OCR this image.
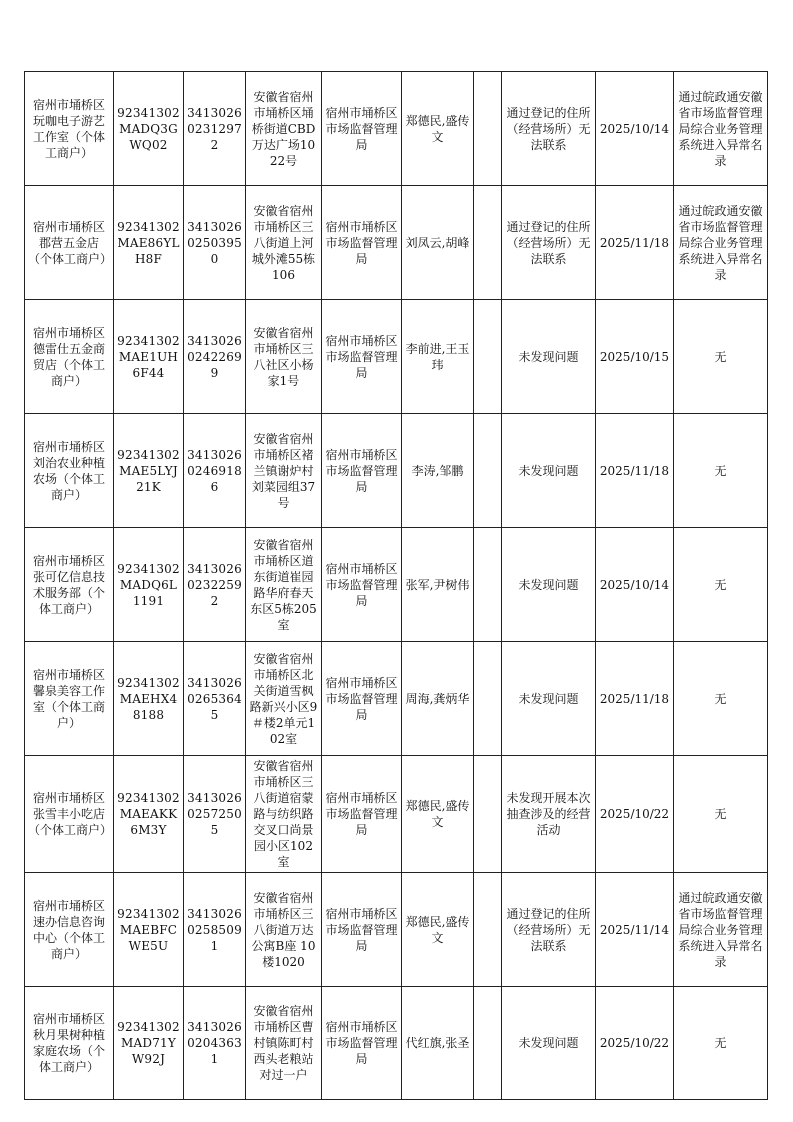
宿州市埇桥区玩咖电子游艺工作室（个体工商户）	92341302MADQ3GWQ02	341302602312972	安徽省宿州市埇桥区埇桥街道CBD万达广场1022号	宿州市埇桥区市场监督管理局	郑德民,盛传文		通过登记的住所（经营场所）无法联系	2025/10/14	通过皖政通安徽省市场监督管理局综合业务管理系统进入异常名录
宿州市埇桥区郡营五金店（个体工商户）	92341302MAE86YLH8F	341302602503950	安徽省宿州市埇桥区三八街道上河城外滩55栋106	宿州市埇桥区市场监督管理局	刘凤云,胡峰		通过登记的住所（经营场所）无法联系	2025/11/18	通过皖政通安徽省市场监督管理局综合业务管理系统进入异常名录
宿州市埇桥区德雷仕五金商贸店（个体工商户）	92341302MAE1UH6F44	341302602422699	安徽省宿州市埇桥区三八社区小杨家1号	宿州市埇桥区市场监督管理局	李前进,王玉玮		未发现问题	2025/10/15	无
宿州市埇桥区刘治农业种植农场（个体工商户）	92341302MAE5LYJ21K	341302602469186	安徽省宿州市埇桥区褚兰镇谢炉村刘菜园组37号	宿州市埇桥区市场监督管理局	李涛,邹鹏		未发现问题	2025/11/18	无
宿州市埇桥区张可亿信息技术服务部（个体工商户）	92341302MADQ6L1191	341302602322592	安徽省宿州市埇桥区道东街道崔园路华府春天东区5栋205室	宿州市埇桥区市场监督管理局	张军,尹树伟		未发现问题	2025/10/14	无
宿州市埇桥区馨泉美容工作室（个体工商户）	92341302MAEHX48188	341302602653645	安徽省宿州市埇桥区北关街道雪枫路新兴小区9＃楼2单元102室	宿州市埇桥区市场监督管理局	周海,龚炳华		未发现问题	2025/11/18	无
宿州市埇桥区张雪丰小吃店（个体工商户）	92341302MAEAKK6M3Y	341302602572505	安徽省宿州市埇桥区三八街道宿蒙路与纺织路交叉口尚景园小区102室	宿州市埇桥区市场监督管理局	郑德民,盛传文		未发现开展本次抽查涉及的经营活动	2025/10/22	无
宿州市埇桥区速办信息咨询中心（个体工商户）	92341302MAEBFCWE5U	341302602585091	安徽省宿州市埇桥区三八街道万达公寓B座 10楼1020	宿州市埇桥区市场监督管理局	郑德民,盛传文		通过登记的住所（经营场所）无法联系	2025/11/14	通过皖政通安徽省市场监督管理局综合业务管理系统进入异常名录
宿州市埇桥区秋月果树种植家庭农场（个体工商户）	92341302MAD71YW92J	341302602043631	安徽省宿州市埇桥区曹村镇陈町村西头老粮站对过一户	宿州市埇桥区市场监督管理局	代红旗,张圣		未发现问题	2025/10/22	无
